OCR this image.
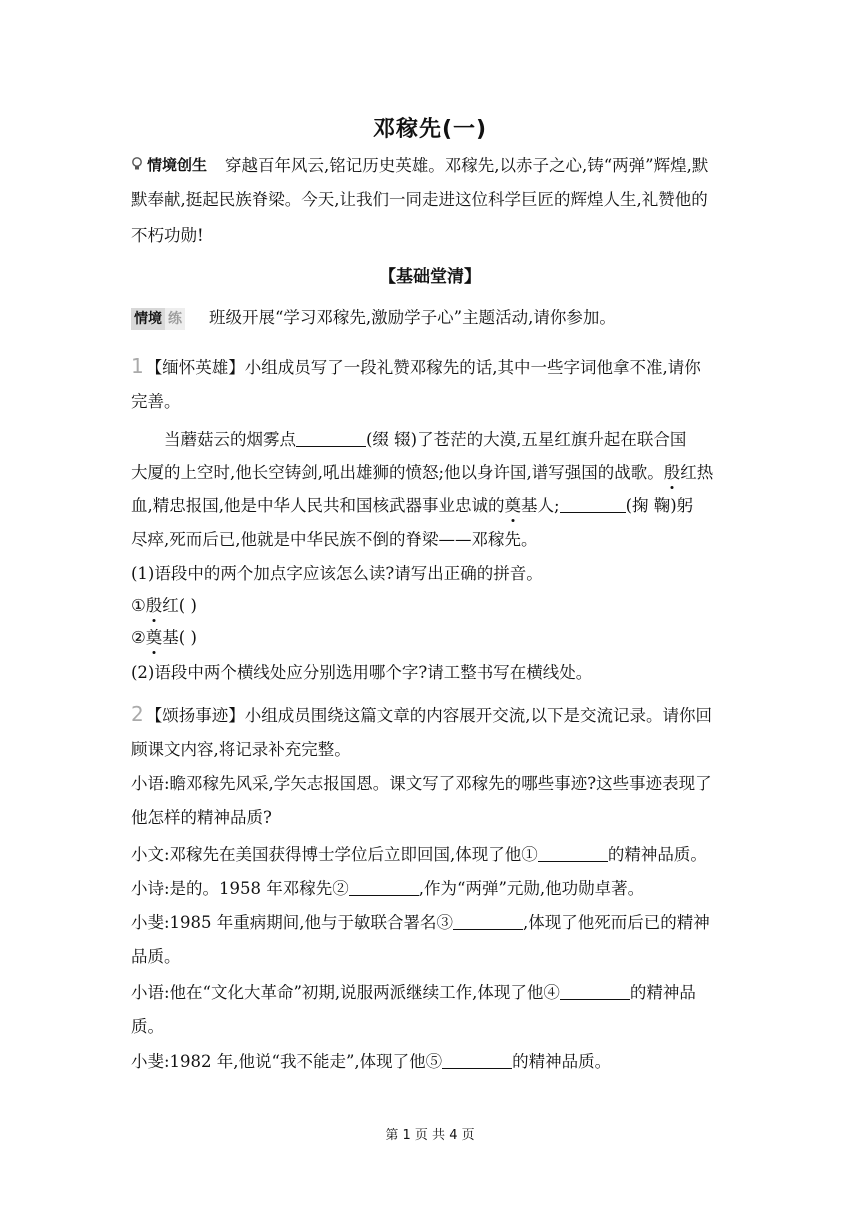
邓稼先(一)
情境创生 穿越百年风云,铭记历史英雄。邓稼先,以赤子之心,铸“两弹”辉煌,默
默奉献,挺起民族脊梁。今天,让我们一同走进这位科学巨匠的辉煌人生,礼赞他的
不朽功勋!
【基础堂清】
情境 练 班级开展“学习邓稼先,激励学子心”主题活动,请你参加。
1 【缅怀英雄】小组成员写了一段礼赞邓稼先的话,其中一些字词他拿不准,请你
完善。
当蘑菇云的烟雾点	(缀 辍)了苍茫的大漠,五星红旗升起在联合国
大厦的上空时,他长空铸剑,吼出雄狮的愤怒;他以身许国,谱写强国的战歌。殷红热
血,精忠报国,他是中华人民共和国核武器事业忠诚的奠基人;	(掬 鞠)躬
尽瘁,死而后已,他就是中华民族不倒的脊梁——邓稼先。
(1)语段中的两个加点字应该怎么读?请写出正确的拼音。
①殷红( )
②奠基( )
(2)语段中两个横线处应分别选用哪个字?请工整书写在横线处。
2 【颂扬事迹】小组成员围绕这篇文章的内容展开交流,以下是交流记录。请你回
顾课文内容,将记录补充完整。
小语:瞻邓稼先风采,学矢志报国恩。课文写了邓稼先的哪些事迹?这些事迹表现了
他怎样的精神品质?
小文:邓稼先在美国获得博士学位后立即回国,体现了他①	的精神品质。
小诗:是的。1958 年邓稼先②	,作为“两弹”元勋,他功勋卓著。
小斐:1985 年重病期间,他与于敏联合署名③	,体现了他死而后已的精神
品质。
小语:他在“文化大革命”初期,说服两派继续工作,体现了他④	的精神品
质。
小斐:1982 年,他说“我不能走”,体现了他⑤	的精神品质。
第 1 页 共 4 页
